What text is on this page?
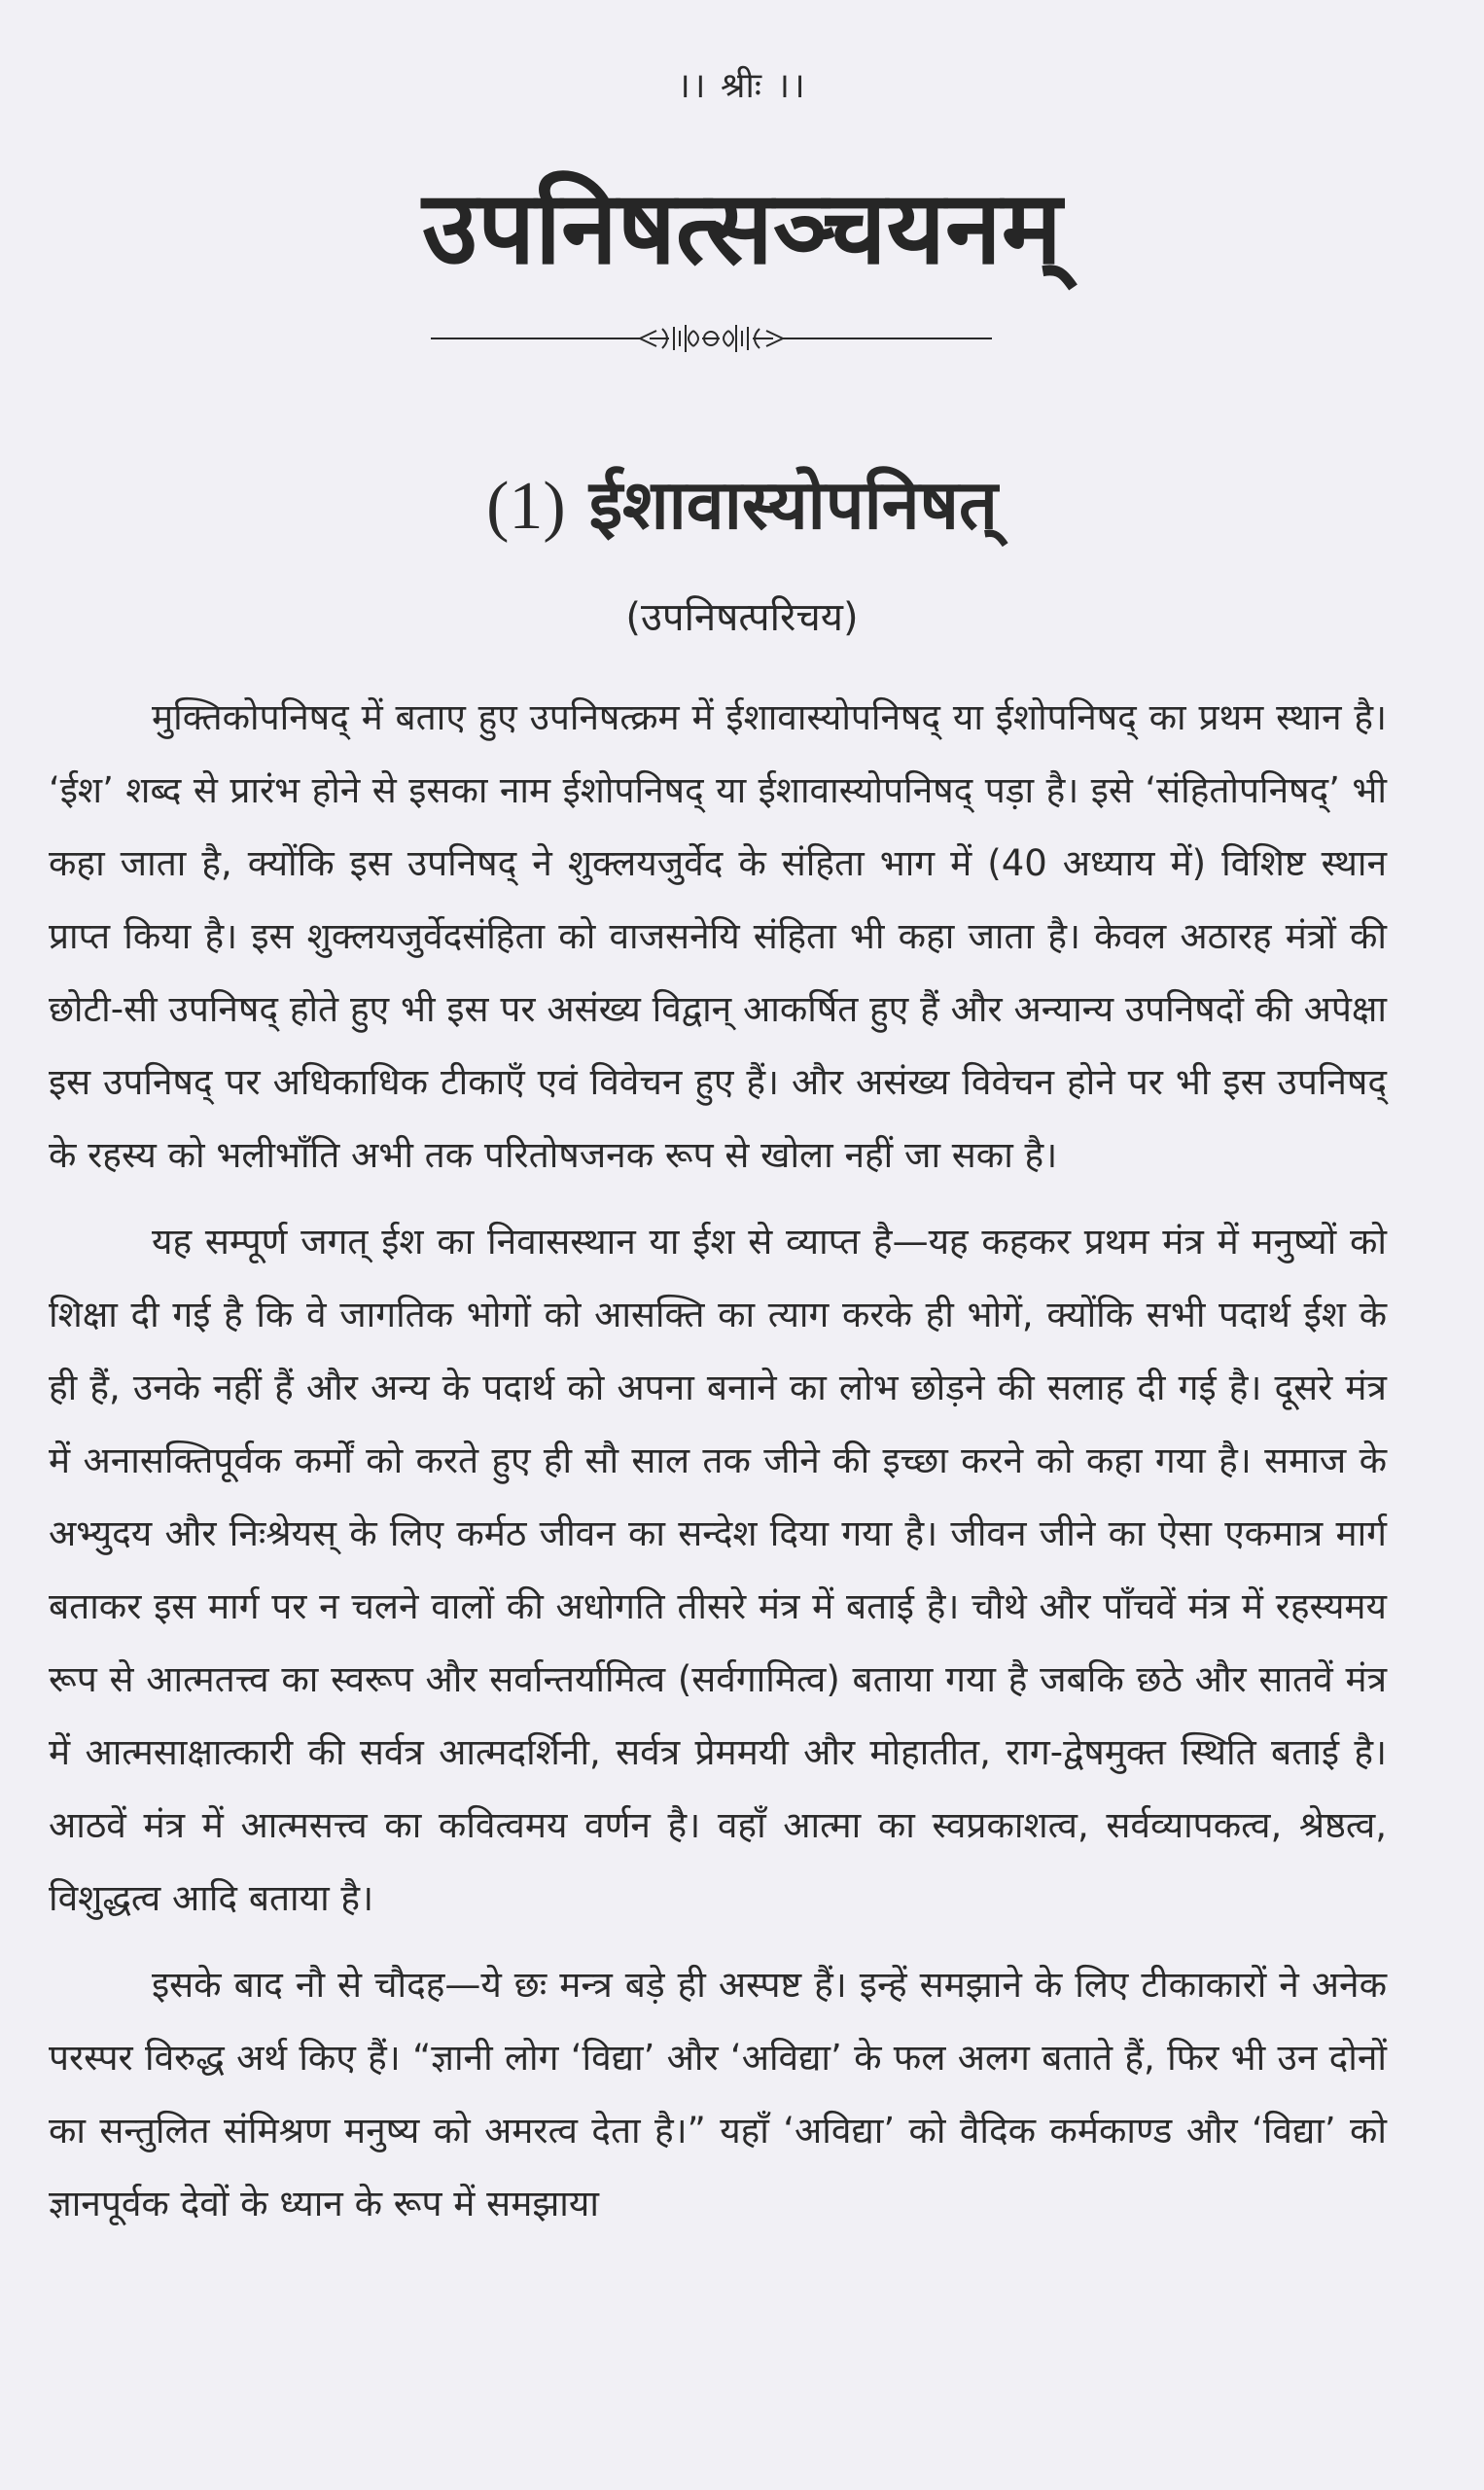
।। श्रीः ।।
उपनिषत्सञ्चयनम्
(1) ईशावास्योपनिषत्
(उपनिषत्परिचय)

मुक्तिकोपनिषद् में बताए हुए उपनिषत्क्रम में ईशावास्योपनिषद् या ईशोपनिषद् का प्रथम स्थान है। ‘ईश’ शब्द से प्रारंभ होने से इसका नाम ईशोपनिषद् या ईशावास्योपनिषद् पड़ा है। इसे ‘संहितोपनिषद्’ भी कहा जाता है, क्योंकि इस उपनिषद् ने शुक्लयजुर्वेद के संहिता भाग में (40 अध्याय में) विशिष्ट स्थान प्राप्त किया है। इस शुक्लयजुर्वेदसंहिता को वाजसनेयि संहिता भी कहा जाता है। केवल अठारह मंत्रों की छोटी-सी उपनिषद् होते हुए भी इस पर असंख्य विद्वान् आकर्षित हुए हैं और अन्यान्य उपनिषदों की अपेक्षा इस उपनिषद् पर अधिकाधिक टीकाएँ एवं विवेचन हुए हैं। और असंख्य विवेचन होने पर भी इस उपनिषद् के रहस्य को भलीभाँति अभी तक परितोषजनक रूप से खोला नहीं जा सका है।

यह सम्पूर्ण जगत् ईश का निवासस्थान या ईश से व्याप्त है—यह कहकर प्रथम मंत्र में मनुष्यों को शिक्षा दी गई है कि वे जागतिक भोगों को आसक्ति का त्याग करके ही भोगें, क्योंकि सभी पदार्थ ईश के ही हैं, उनके नहीं हैं और अन्य के पदार्थ को अपना बनाने का लोभ छोड़ने की सलाह दी गई है। दूसरे मंत्र में अनासक्तिपूर्वक कर्मों को करते हुए ही सौ साल तक जीने की इच्छा करने को कहा गया है। समाज के अभ्युदय और निःश्रेयस् के लिए कर्मठ जीवन का सन्देश दिया गया है। जीवन जीने का ऐसा एकमात्र मार्ग बताकर इस मार्ग पर न चलने वालों की अधोगति तीसरे मंत्र में बताई है। चौथे और पाँचवें मंत्र में रहस्यमय रूप से आत्मतत्त्व का स्वरूप और सर्वान्तर्यामित्व (सर्वगामित्व) बताया गया है जबकि छठे और सातवें मंत्र में आत्मसाक्षात्कारी की सर्वत्र आत्मदर्शिनी, सर्वत्र प्रेममयी और मोहातीत, राग-द्वेषमुक्त स्थिति बताई है। आठवें मंत्र में आत्मसत्त्व का कवित्वमय वर्णन है। वहाँ आत्मा का स्वप्रकाशत्व, सर्वव्यापकत्व, श्रेष्ठत्व, विशुद्धत्व आदि बताया है।

इसके बाद नौ से चौदह—ये छः मन्त्र बड़े ही अस्पष्ट हैं। इन्हें समझाने के लिए टीकाकारों ने अनेक परस्पर विरुद्ध अर्थ किए हैं। “ज्ञानी लोग ‘विद्या’ और ‘अविद्या’ के फल अलग बताते हैं, फिर भी उन दोनों का सन्तुलित संमिश्रण मनुष्य को अमरत्व देता है।” यहाँ ‘अविद्या’ को वैदिक कर्मकाण्ड और ‘विद्या’ को ज्ञानपूर्वक देवों के ध्यान के रूप में समझाया
